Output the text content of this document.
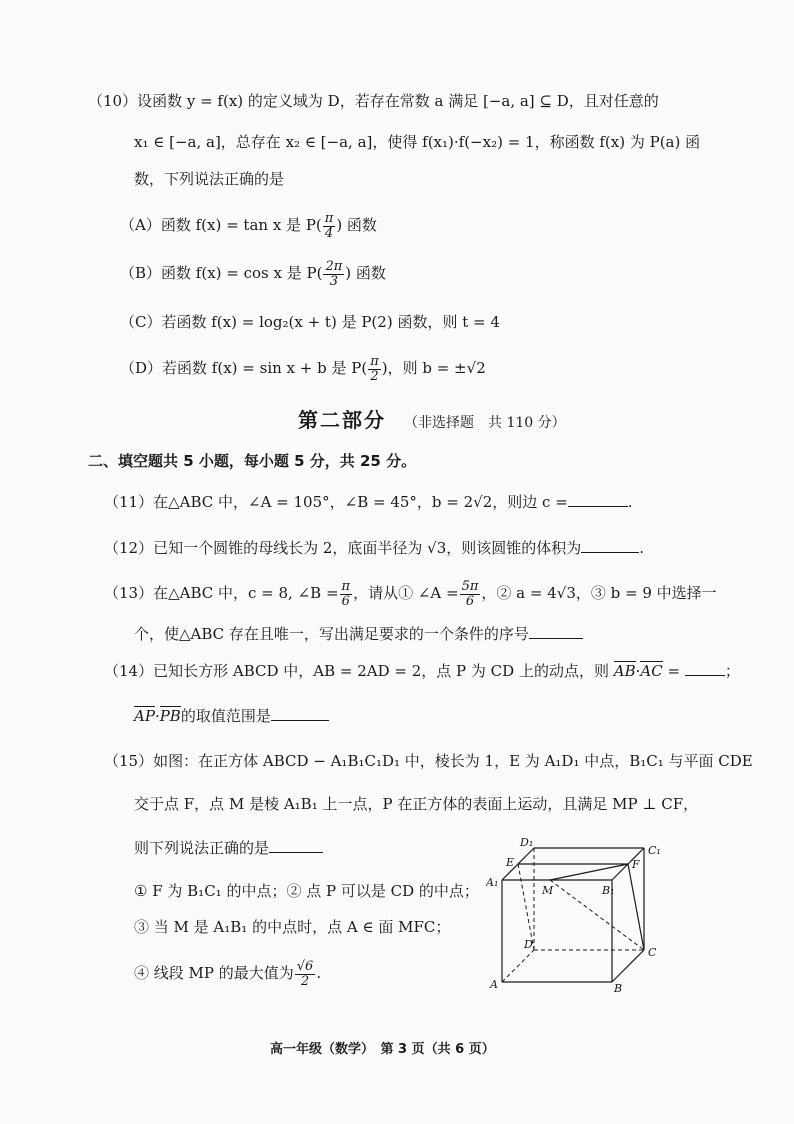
（10）设函数 y = f(x) 的定义域为 D，若存在常数 a 满足 [−a, a] ⊆ D，且对任意的
x₁ ∈ [−a, a]，总存在 x₂ ∈ [−a, a]，使得 f(x₁)·f(−x₂) = 1，称函数 f(x) 为 P(a) 函
数，下列说法正确的是
（A）函数 f(x) = tan x 是 $P( \frac{\pi}{4}$ ) 函数
（B）函数 f(x) = cos x 是 $P( \frac{2\pi}{3}$ ) 函数
（C）若函数 f(x) = log₂(x + t) 是 P(2) 函数，则 t = 4
（D）若函数 f(x) = sin x + b 是 $P( \frac{\pi}{2}$ )，则 b = ±√2
第二部分 （非选择题　共 110 分）
二、填空题共 5 小题，每小题 5 分，共 25 分。
（11）在△ABC 中，∠A = 105°，∠B = 45°，b = 2√2，则边 c =	.
（12）已知一个圆锥的母线长为 2，底面半径为 √3，则该圆锥的体积为	.
（13）在△ABC 中，c = 8, ∠B = $\frac{\pi}{6}$ ，请从① ∠A = $\frac{5\pi}{6}$ ，② a = 4√3，③ b = 9 中选择一
个，使△ABC 存在且唯一，写出满足要求的一个条件的序号
（14）已知长方形 ABCD 中，AB = 2AD = 2，点 P 为 CD 上的动点，则 AB·AC =	；
AP·PB的取值范围是
（15）如图：在正方体 ABCD − A₁B₁C₁D₁ 中，棱长为 1，E 为 A₁D₁ 中点，B₁C₁ 与平面 CDE
交于点 F，点 M 是棱 A₁B₁ 上一点，P 在正方体的表面上运动，且满足 MP ⊥ CF，
则下列说法正确的是
① F 为 B₁C₁ 的中点；② 点 P 可以是 CD 的中点；
③ 当 M 是 A₁B₁ 的中点时，点 A ∈ 面 MFC；
④ 线段 MP 的最大值为 $\frac{√6}{2}$ .
D₁
C₁
E	F
A₁
M	B₁
D
C
A	B
高一年级（数学）　第 3 页（共 6 页）
